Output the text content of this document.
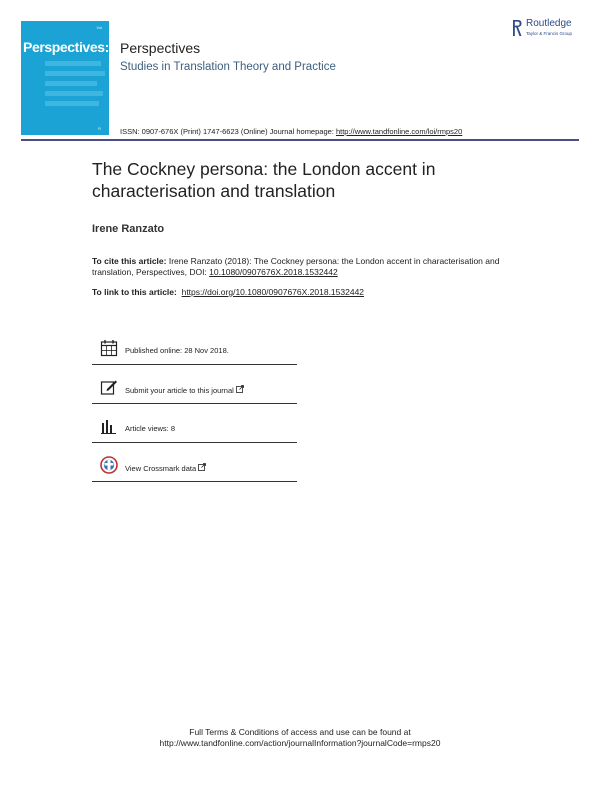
Vol.
Perspectives:
R
Perspectives
Studies in Translation Theory and Practice
ISSN: 0907-676X (Print) 1747-6623 (Online) Journal homepage: http://www.tandfonline.com/loi/rmps20
Routledge
Taylor & Francis Group
The Cockney persona: the London accent in characterisation and translation
Irene Ranzato
To cite this article: Irene Ranzato (2018): The Cockney persona: the London accent in characterisation and translation, Perspectives, DOI: 10.1080/0907676X.2018.1532442
To link to this article: https://doi.org/10.1080/0907676X.2018.1532442
Published online: 28 Nov 2018.
Submit your article to this journal
Article views: 8
View Crossmark data
Full Terms & Conditions of access and use can be found at
http://www.tandfonline.com/action/journalInformation?journalCode=rmps20
